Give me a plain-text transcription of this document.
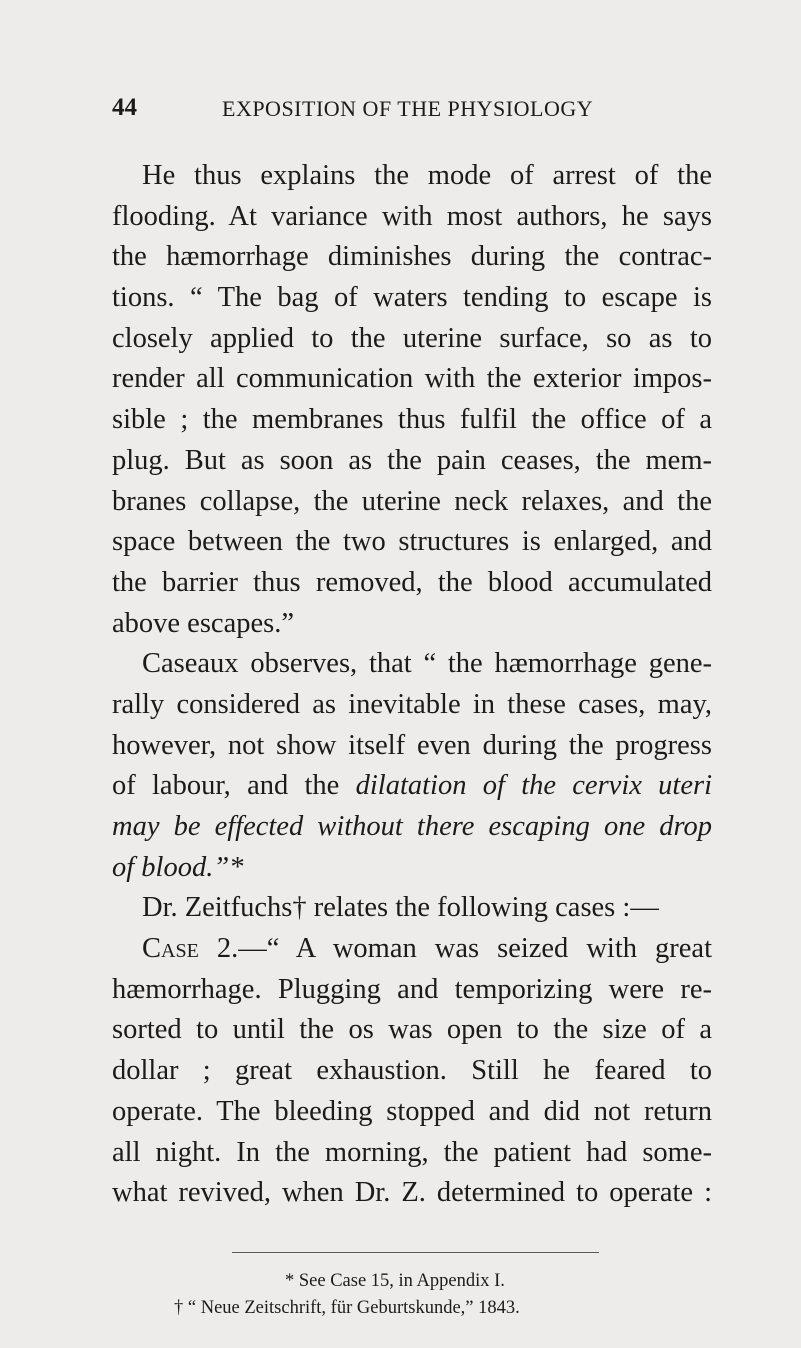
44	EXPOSITION OF THE PHYSIOLOGY
He thus explains the mode of arrest of the
flooding. At variance with most authors, he says
the hæmorrhage diminishes during the contrac-
tions. “ The bag of waters tending to escape is
closely applied to the uterine surface, so as to
render all communication with the exterior impos-
sible ; the membranes thus fulfil the office of a
plug. But as soon as the pain ceases, the mem-
branes collapse, the uterine neck relaxes, and the
space between the two structures is enlarged, and
the barrier thus removed, the blood accumulated
above escapes.”
Caseaux observes, that “ the hæmorrhage gene-
rally considered as inevitable in these cases, may,
however, not show itself even during the progress
of labour, and the dilatation of the cervix uteri
may be effected without there escaping one drop
of blood.”*
Dr. Zeitfuchs† relates the following cases :—
Case 2.—“ A woman was seized with great
hæmorrhage. Plugging and temporizing were re-
sorted to until the os was open to the size of a
dollar ; great exhaustion. Still he feared to
operate. The bleeding stopped and did not return
all night. In the morning, the patient had some-
what revived, when Dr. Z. determined to operate :
* See Case 15, in Appendix I.
† “ Neue Zeitschrift, für Geburtskunde,” 1843.
